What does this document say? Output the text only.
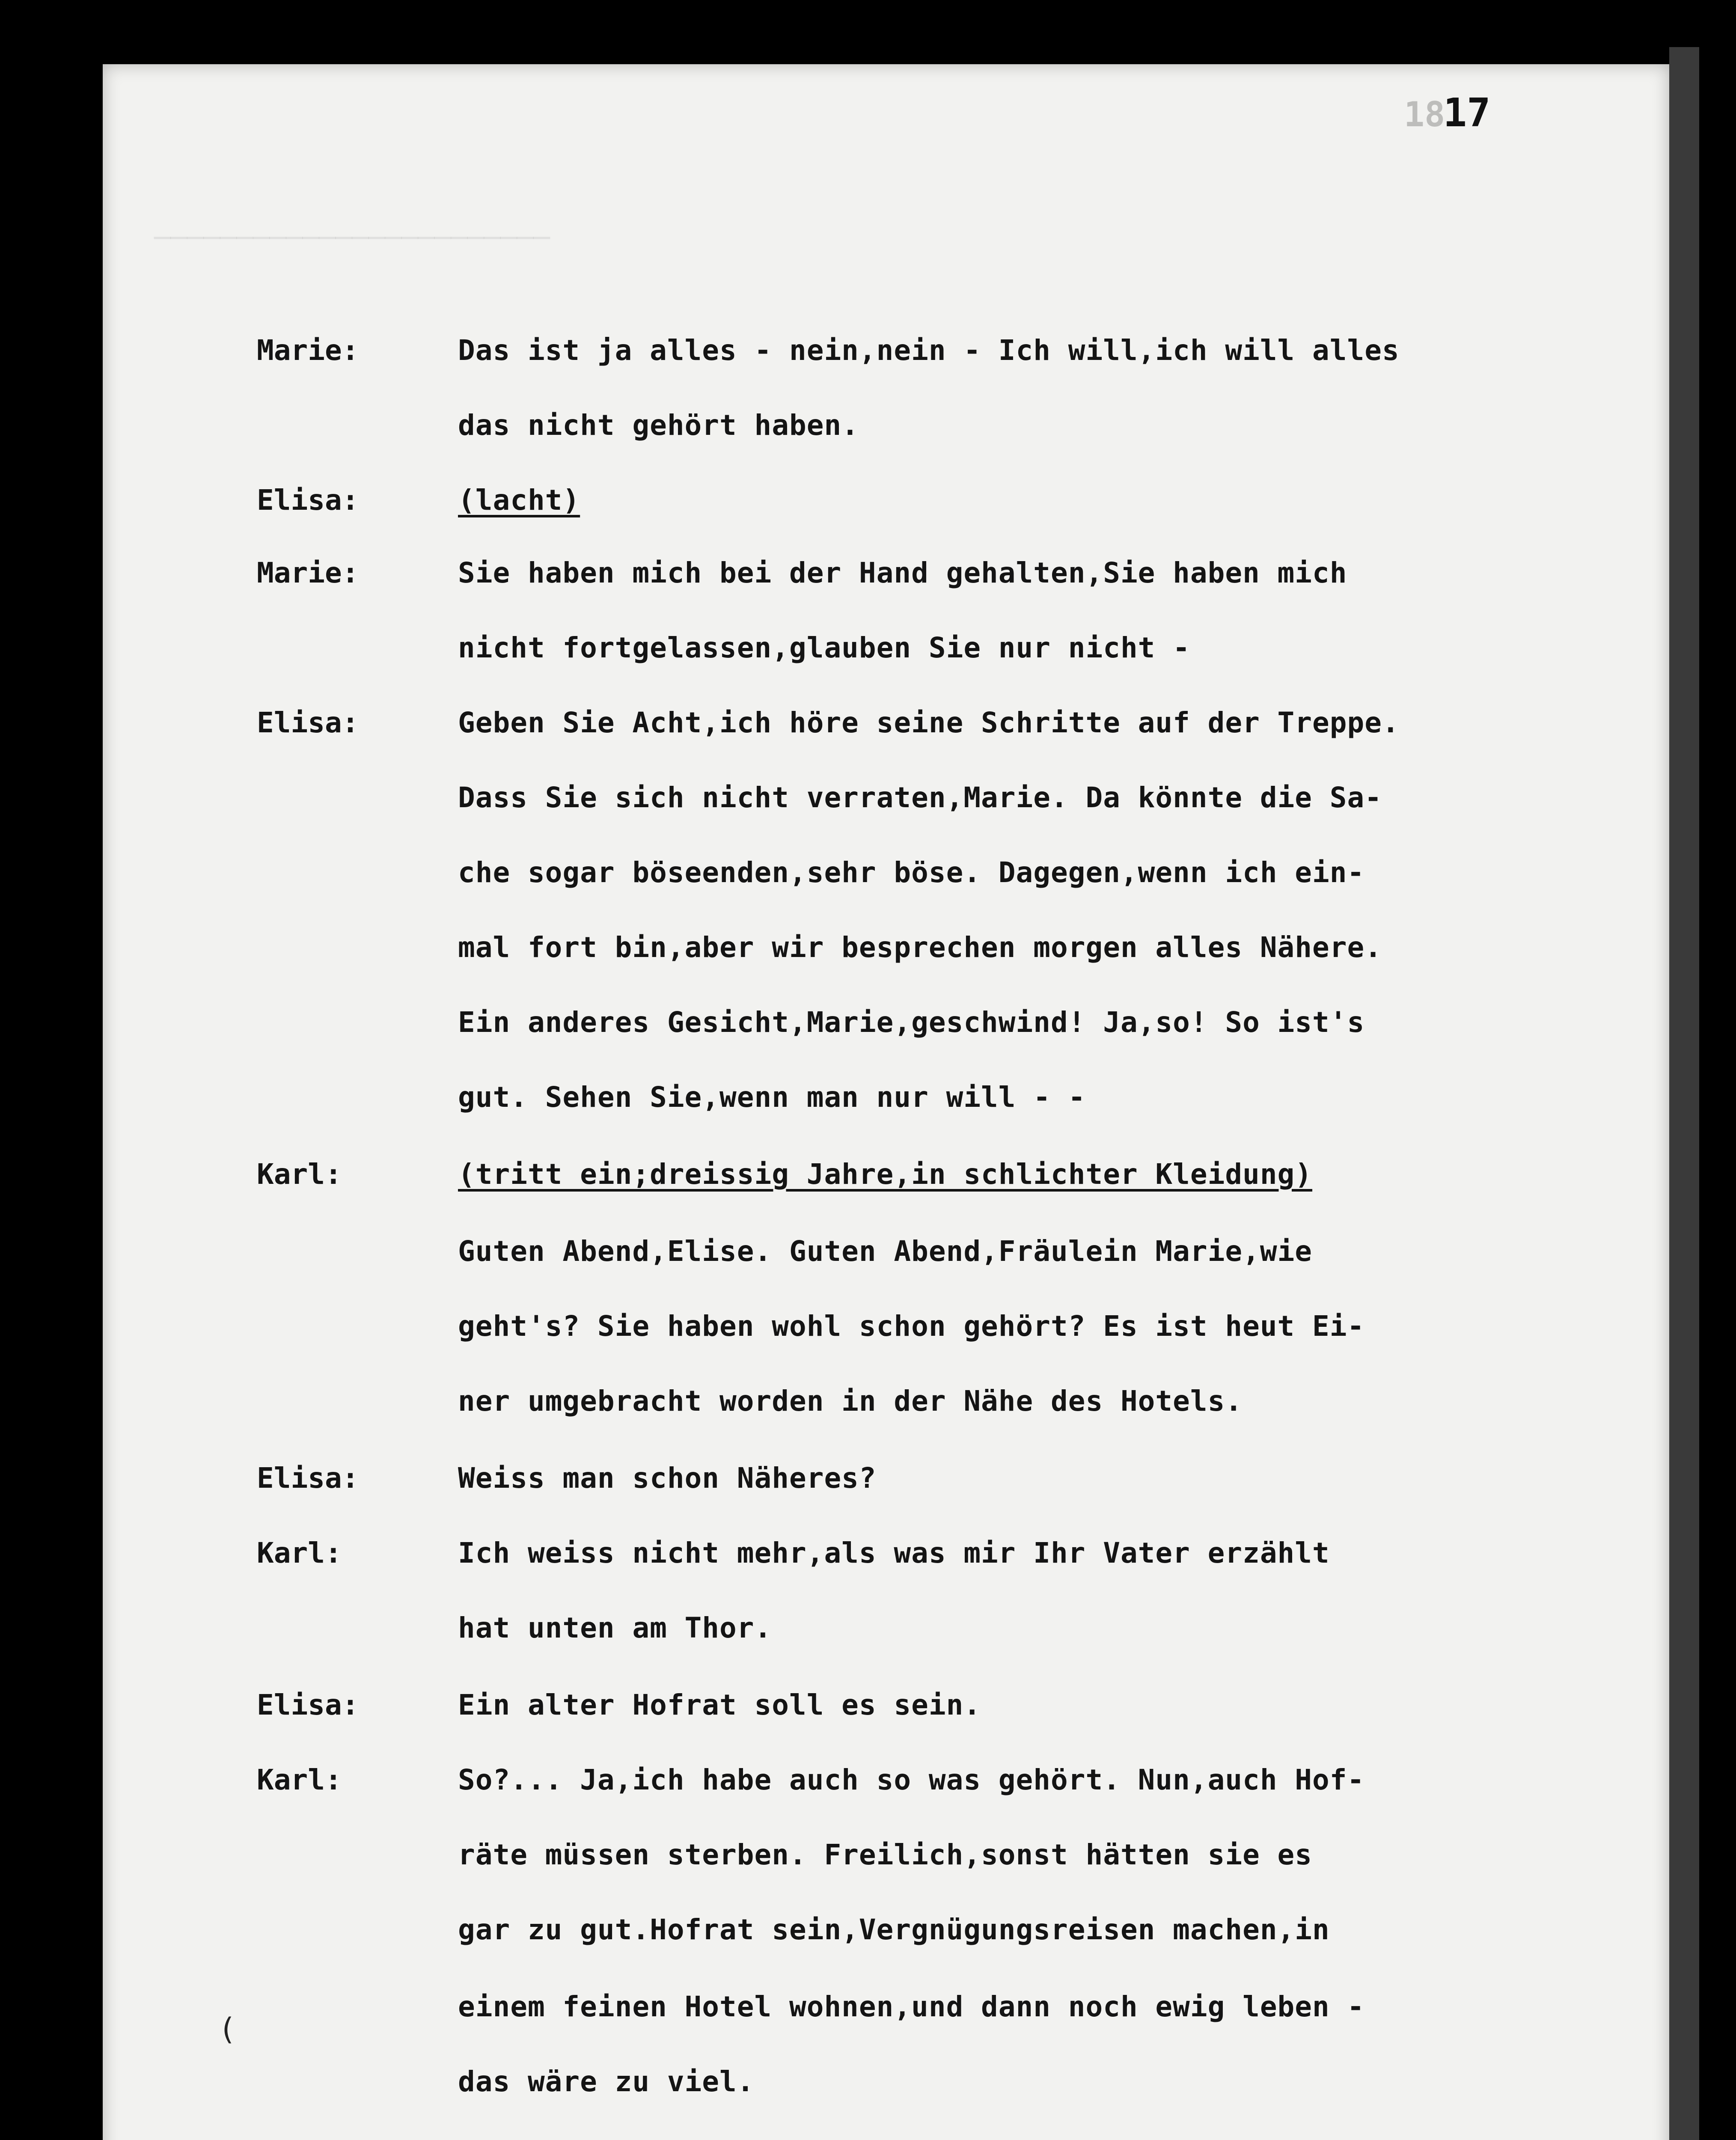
18 17
Marie:	Das ist ja alles - nein,nein - Ich will,ich will alles
das nicht gehört haben.
Elisa:	(lacht)
Marie:	Sie haben mich bei der Hand gehalten,Sie haben mich
nicht fortgelassen,glauben Sie nur nicht -
Elisa:	Geben Sie Acht,ich höre seine Schritte auf der Treppe.
Dass Sie sich nicht verraten,Marie. Da könnte die Sa-
che sogar böseenden,sehr böse. Dagegen,wenn ich ein-
mal fort bin,aber wir besprechen morgen alles Nähere.
Ein anderes Gesicht,Marie,geschwind! Ja,so! So ist's
gut. Sehen Sie,wenn man nur will - -
Karl:	(tritt ein;dreissig Jahre,in schlichter Kleidung)
Guten Abend,Elise. Guten Abend,Fräulein Marie,wie
geht's? Sie haben wohl schon gehört? Es ist heut Ei-
ner umgebracht worden in der Nähe des Hotels.
Elisa:	Weiss man schon Näheres?
Karl:	Ich weiss nicht mehr,als was mir Ihr Vater erzählt
hat unten am Thor.
Elisa:	Ein alter Hofrat soll es sein.
Karl:	So?... Ja,ich habe auch so was gehört. Nun,auch Hof-
räte müssen sterben. Freilich,sonst hätten sie es
gar zu gut.Hofrat sein,Vergnügungsreisen machen,in
einem feinen Hotel wohnen,und dann noch ewig leben -
das wäre zu viel.
(
